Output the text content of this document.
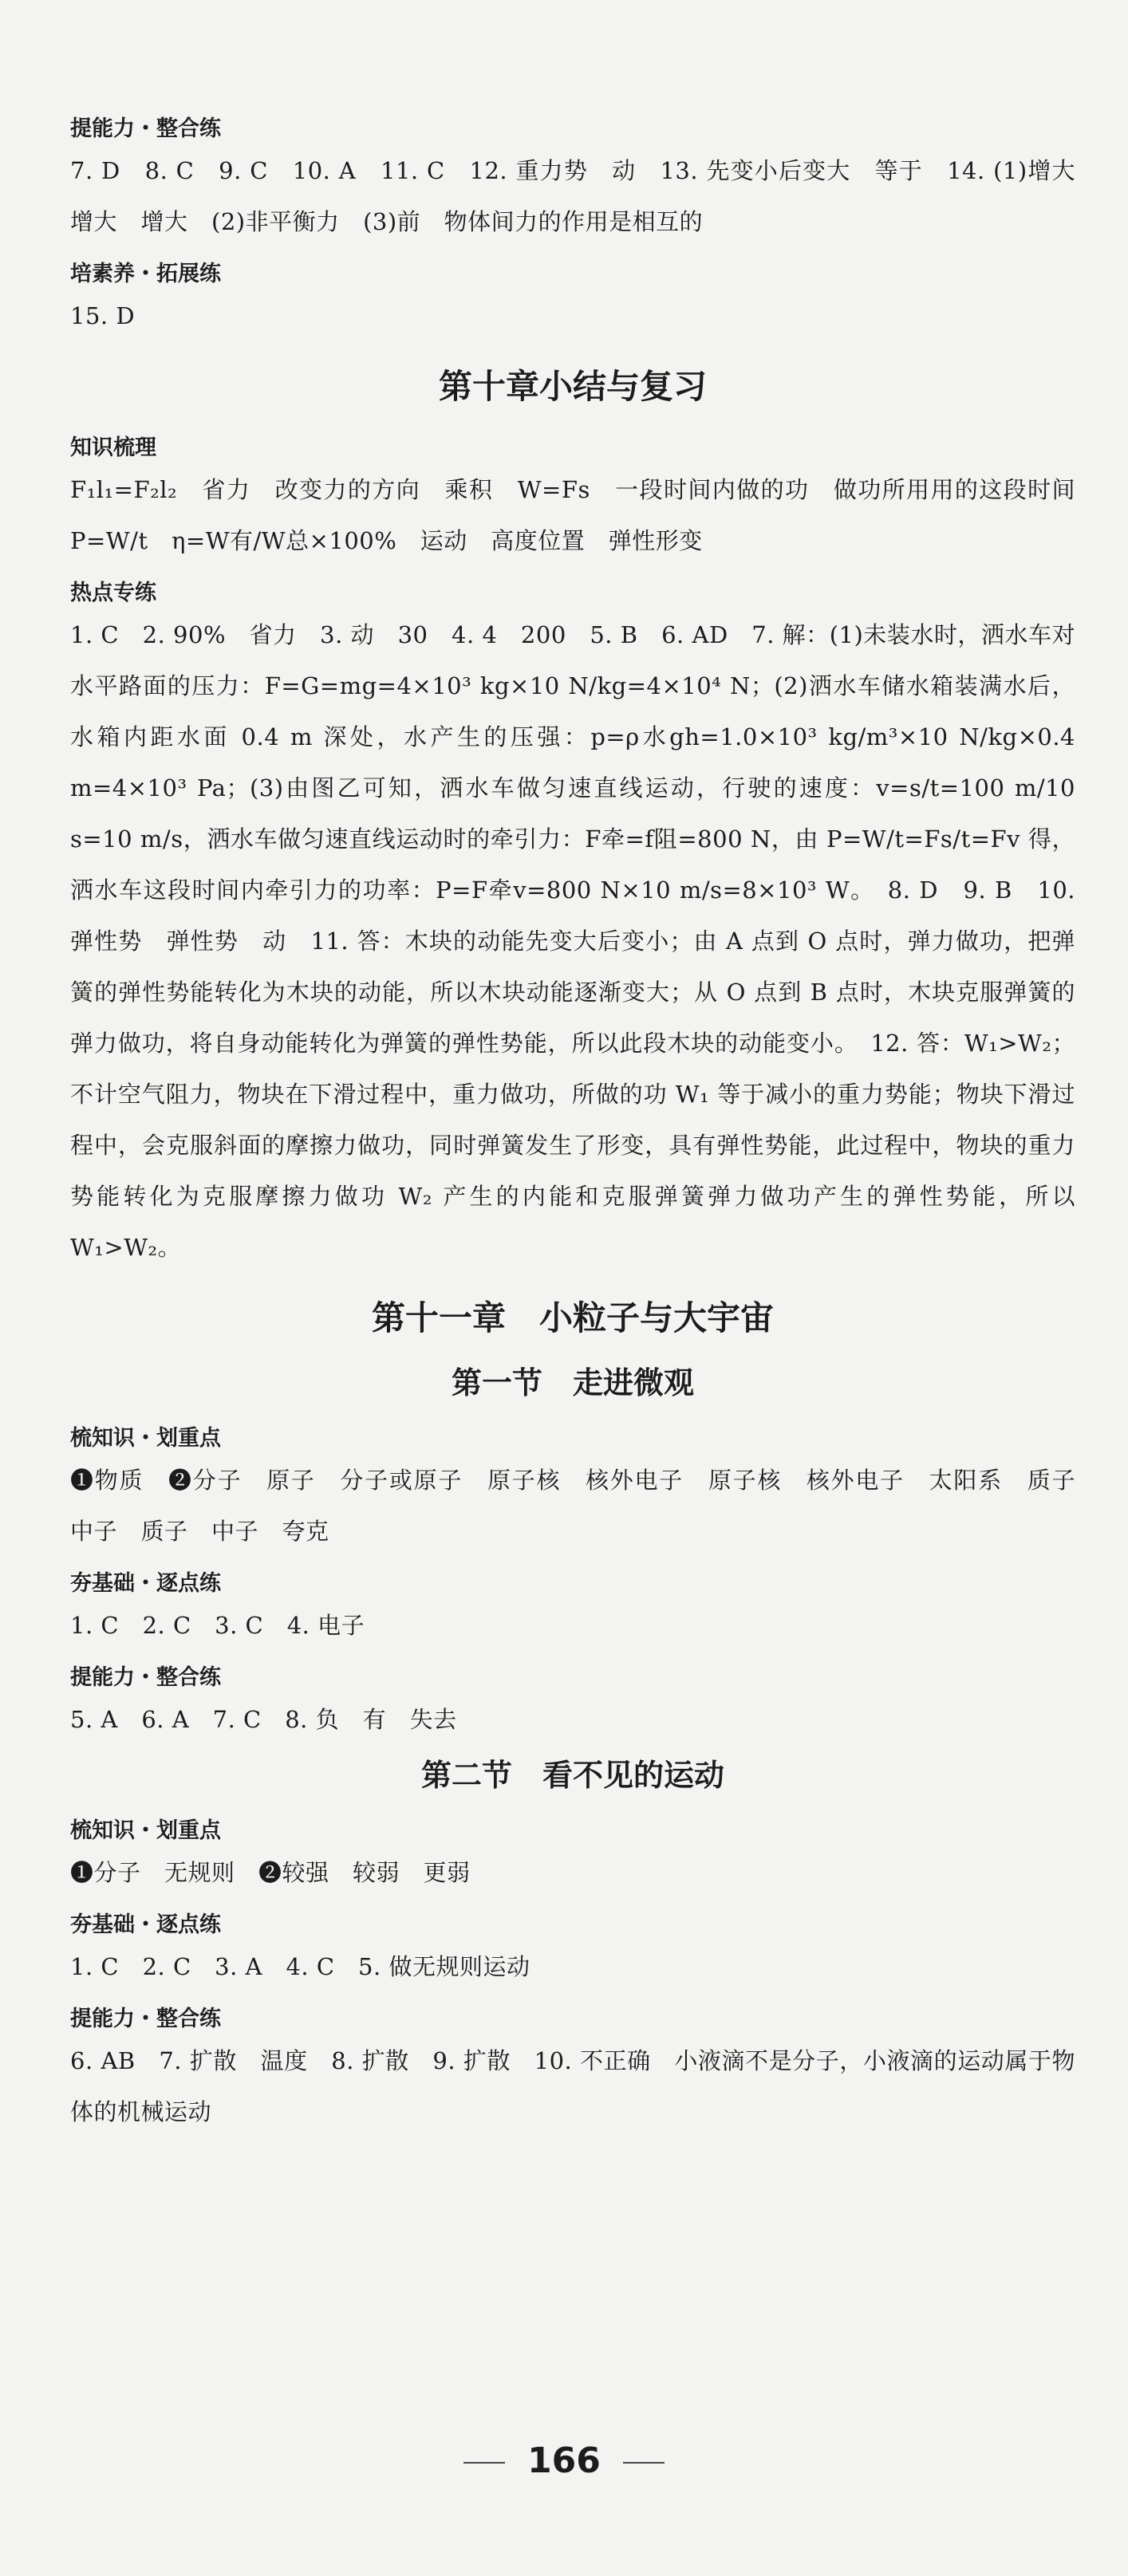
提能力・整合练

7. D　8. C　9. C　10. A　11. C　12. 重力势　动　13. 先变小后变大　等于　14. (1)增大　增大　增大　(2)非平衡力　(3)前　物体间力的作用是相互的

培素养・拓展练

15. D

第十章小结与复习

知识梳理

F₁l₁=F₂l₂　省力　改变力的方向　乘积　W=Fs　一段时间内做的功　做功所用用的这段时间　P=W/t　η=W有/W总×100%　运动　高度位置　弹性形变

热点专练

1. C　2. 90%　省力　3. 动　30　4. 4　200　5. B　6. AD　7. 解：(1)未装水时，洒水车对水平路面的压力：F=G=mg=4×10³ kg×10 N/kg=4×10⁴ N；(2)洒水车储水箱装满水后，水箱内距水面 0.4 m 深处，水产生的压强：p=ρ水gh=1.0×10³ kg/m³×10 N/kg×0.4 m=4×10³ Pa；(3)由图乙可知，洒水车做匀速直线运动，行驶的速度：v=s/t=100 m/10 s=10 m/s，洒水车做匀速直线运动时的牵引力：F牵=f阻=800 N，由 P=W/t=Fs/t=Fv 得，洒水车这段时间内牵引力的功率：P=F牵v=800 N×10 m/s=8×10³ W。　8. D　9. B　10. 弹性势　弹性势　动　11. 答：木块的动能先变大后变小；由 A 点到 O 点时，弹力做功，把弹簧的弹性势能转化为木块的动能，所以木块动能逐渐变大；从 O 点到 B 点时，木块克服弹簧的弹力做功，将自身动能转化为弹簧的弹性势能，所以此段木块的动能变小。　12. 答：W₁>W₂；不计空气阻力，物块在下滑过程中，重力做功，所做的功 W₁ 等于减小的重力势能；物块下滑过程中，会克服斜面的摩擦力做功，同时弹簧发生了形变，具有弹性势能，此过程中，物块的重力势能转化为克服摩擦力做功 W₂ 产生的内能和克服弹簧弹力做功产生的弹性势能，所以 W₁>W₂。

第十一章　小粒子与大宇宙
第一节　走进微观

梳知识・划重点

❶物质　❷分子　原子　分子或原子　原子核　核外电子　原子核　核外电子　太阳系　质子　中子　质子　中子　夸克

夯基础・逐点练

1. C　2. C　3. C　4. 电子

提能力・整合练

5. A　6. A　7. C　8. 负　有　失去

第二节　看不见的运动

梳知识・划重点

❶分子　无规则　❷较强　较弱　更弱

夯基础・逐点练

1. C　2. C　3. A　4. C　5. 做无规则运动

提能力・整合练

6. AB　7. 扩散　温度　8. 扩散　9. 扩散　10. 不正确　小液滴不是分子，小液滴的运动属于物体的机械运动

166
